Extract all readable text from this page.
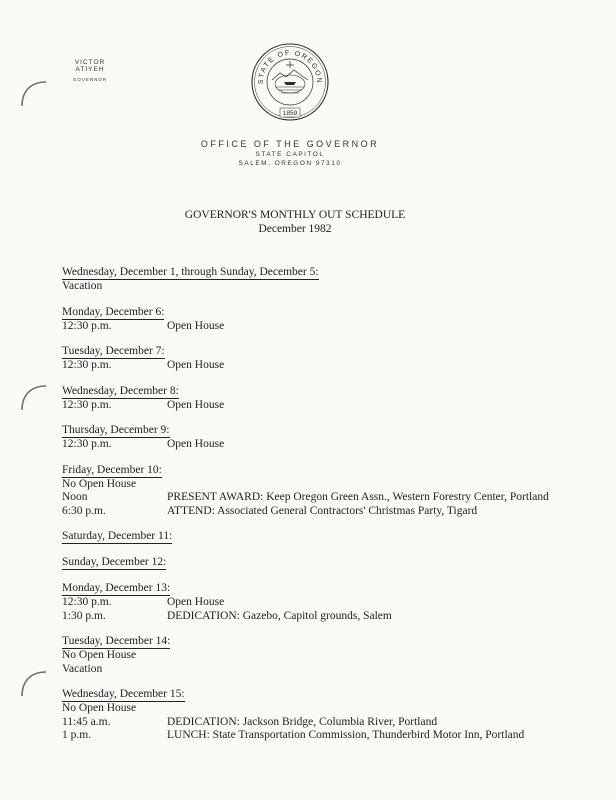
VICTOR ATIYEH
GOVERNOR	STATE OF OREGON
1859
OFFICE OF THE GOVERNOR
STATE CAPITOL
SALEM, OREGON 97310
GOVERNOR'S MONTHLY OUT SCHEDULE
December 1982
Wednesday, December 1, through Sunday, December 5:
Vacation
Monday, December 6:
12:30 p.m.	Open House
Tuesday, December 7:
12:30 p.m.	Open House
Wednesday, December 8:
12:30 p.m.	Open House
Thursday, December 9:
12:30 p.m.	Open House
Friday, December 10:
No Open House
Noon	PRESENT AWARD: Keep Oregon Green Assn., Western Forestry Center, Portland
6:30 p.m.	ATTEND: Associated General Contractors' Christmas Party, Tigard
Saturday, December 11:
Sunday, December 12:
Monday, December 13:
12:30 p.m.	Open House
1:30 p.m.	DEDICATION: Gazebo, Capitol grounds, Salem
Tuesday, December 14:
No Open House
Vacation
Wednesday, December 15:
No Open House
11:45 a.m.	DEDICATION: Jackson Bridge, Columbia River, Portland
1 p.m.	LUNCH: State Transportation Commission, Thunderbird Motor Inn, Portland
